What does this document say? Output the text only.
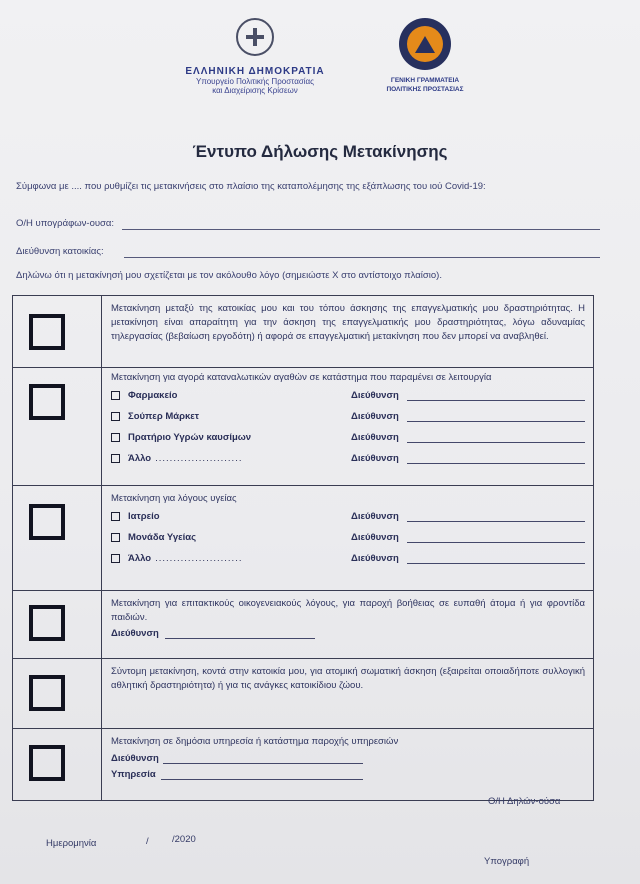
ΕΛΛΗΝΙΚΗ ΔΗΜΟΚΡΑΤΙΑ
Υπουργείο Πολιτικής Προστασίας
και Διαχείρισης Κρίσεων
ΓΕΝΙΚΗ ΓΡΑΜΜΑΤΕΙΑ
ΠΟΛΙΤΙΚΗΣ ΠΡΟΣΤΑΣΙΑΣ
Έντυπο Δήλωσης Μετακίνησης
Σύμφωνα με .... που ρυθμίζει τις μετακινήσεις στο πλαίσιο της καταπολέμησης της εξάπλωσης του ιού Covid-19:
Ο/Η υπογράφων-ουσα:
Διεύθυνση κατοικίας:
Δηλώνω ότι η μετακίνησή μου σχετίζεται με τον ακόλουθο λόγο (σημειώστε Χ στο αντίστοιχο πλαίσιο).
Μετακίνηση μεταξύ της κατοικίας μου και του τόπου άσκησης της επαγγελματικής μου δραστηριότητας. Η μετακίνηση είναι απαραίτητη για την άσκηση της επαγγελματικής μου δραστηριότητας, λόγω αδυναμίας τηλεργασίας (βεβαίωση εργοδότη) ή αφορά σε επαγγελματική μετακίνηση που δεν μπορεί να αναβληθεί.
Μετακίνηση για αγορά καταναλωτικών αγαθών σε κατάστημα που παραμένει σε λειτουργία
Φαρμακείο	Διεύθυνση
Σούπερ Μάρκετ	Διεύθυνση
Πρατήριο Υγρών καυσίμων	Διεύθυνση
Άλλο ........................	Διεύθυνση
Μετακίνηση για λόγους υγείας
Ιατρείο	Διεύθυνση
Μονάδα Υγείας	Διεύθυνση
Άλλο ........................	Διεύθυνση
Μετακίνηση για επιτακτικούς οικογενειακούς λόγους, για παροχή βοήθειας σε ευπαθή άτομα ή για φροντίδα παιδιών.
Διεύθυνση
Σύντομη μετακίνηση, κοντά στην κατοικία μου, για ατομική σωματική άσκηση (εξαιρείται οποιαδήποτε συλλογική αθλητική δραστηριότητα) ή για τις ανάγκες κατοικίδιου ζώου.
Μετακίνηση σε δημόσια υπηρεσία ή κατάστημα παροχής υπηρεσιών
Διεύθυνση
Υπηρεσία
Ο/Η Δηλών-ούσα
Ημερομηνία	/ /2020
Υπογραφή
